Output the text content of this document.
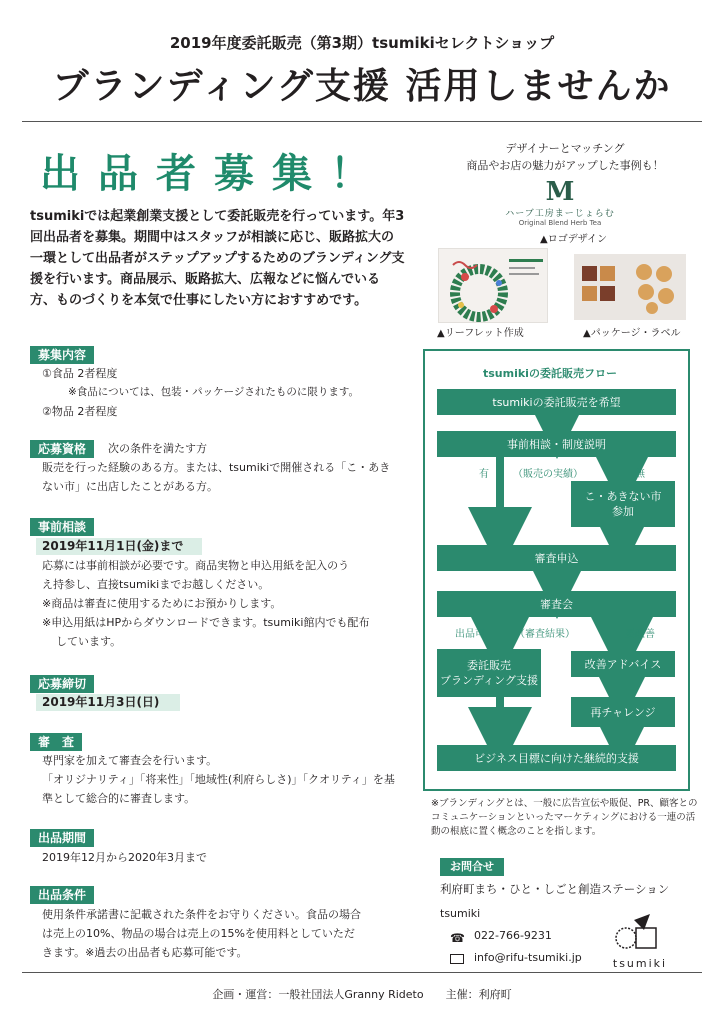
2019年度委託販売（第3期）tsumikiセレクトショップ
ブランディング支援 活用しませんか
出品者募集！
tsumikiでは起業創業支援として委託販売を行っています。年3回出品者を募集。期間中はスタッフが相談に応じ、販路拡大の一環として出品者がステップアップするためのブランディング支援を行います。商品展示、販路拡大、広報などに悩んでいる方、ものづくりを本気で仕事にしたい方におすすめです。
募集内容
①食品 2者程度
※食品については、包装・パッケージされたものに限ります。
②物品 2者程度
応募資格	次の条件を満たす方
販売を行った経験のある方。または、tsumikiで開催される「こ・あき
ない市」に出店したことがある方。
事前相談
2019年11月1日(金)まで
応募には事前相談が必要です。商品実物と申込用紙を記入のう
え持参し、直接tsumikiまでお越しください。
※商品は審査に使用するためにお預かりします。
※申込用紙はHPからダウンロードできます。tsumiki館内でも配布
しています。
応募締切
2019年11月3日(日)
審　査
専門家を加えて審査会を行います。
「オリジナリティ」「将来性」「地域性(利府らしさ)」「クオリティ」を基
準として総合的に審査します。
出品期間
2019年12月から2020年3月まで
出品条件
使用条件承諾書に記載された条件をお守りください。食品の場合
は売上の10%、物品の場合は売上の15%を使用料としていただ
きます。※過去の出品者も応募可能です。
デザイナーとマッチング
商品やお店の魅力がアップした事例も！
M
ハーブ工房まーじょらむ
Original Blend Herb Tea
▲ロゴデザイン
▲リーフレット作成	▲パッケージ・ラベル
tsumikiの委託販売フロー
tsumikiの委託販売を希望
事前相談・制度説明
有 （販売の実績）	無
こ・あきない市
参加
審査申込
審査会
出品可	（審査結果）	要改善
委託販売
ブランディング支援
改善アドバイス
再チャレンジ
ビジネス目標に向けた継続的支援
※ブランディングとは、一般に広告宣伝や販促、PR、顧客とのコミュニケーションといったマーケティングにおける一連の活動の根底に置く概念のことを指します。
お問合せ
利府町まち・ひと・しごと創造ステーション
tsumiki
☎ 022-766-9231
info@rifu-tsumiki.jp	tsumiki
企画・運営：一般社団法人Granny Rideto　　主催：利府町
